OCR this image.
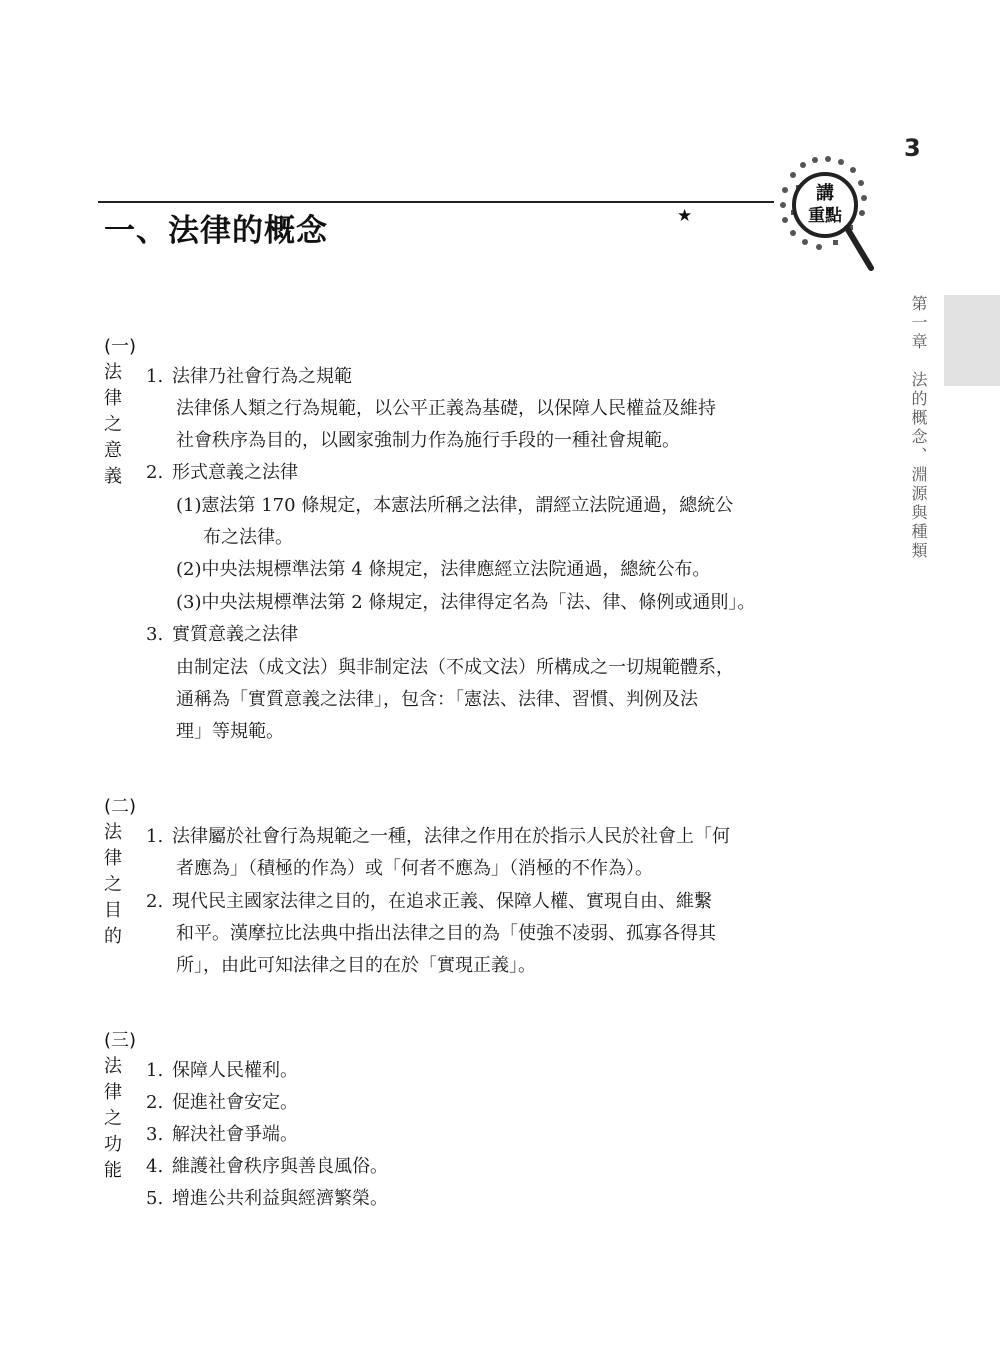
3
一、法律的概念	★
講
重點
第一章　法的概念、淵源與種類
(一) 法律之意義
1. 法律乃社會行為之規範
法律係人類之行為規範，以公平正義為基礎，以保障人民權益及維持
社會秩序為目的，以國家強制力作為施行手段的一種社會規範。
2. 形式意義之法律
(1)憲法第 170 條規定，本憲法所稱之法律，謂經立法院通過，總統公
布之法律。
(2)中央法規標準法第 4 條規定，法律應經立法院通過，總統公布。
(3)中央法規標準法第 2 條規定，法律得定名為「法、律、條例或通則」。
3. 實質意義之法律
由制定法（成文法）與非制定法（不成文法）所構成之一切規範體系，
通稱為「實質意義之法律」，包含：「憲法、法律、習慣、判例及法
理」等規範。
(二) 法律之目的
1. 法律屬於社會行為規範之一種，法律之作用在於指示人民於社會上「何
者應為」（積極的作為）或「何者不應為」（消極的不作為）。
2. 現代民主國家法律之目的，在追求正義、保障人權、實現自由、維繫
和平。漢摩拉比法典中指出法律之目的為「使強不凌弱、孤寡各得其
所」，由此可知法律之目的在於「實現正義」。
(三) 法律之功能
1. 保障人民權利。
2. 促進社會安定。
3. 解決社會爭端。
4. 維護社會秩序與善良風俗。
5. 增進公共利益與經濟繁榮。
